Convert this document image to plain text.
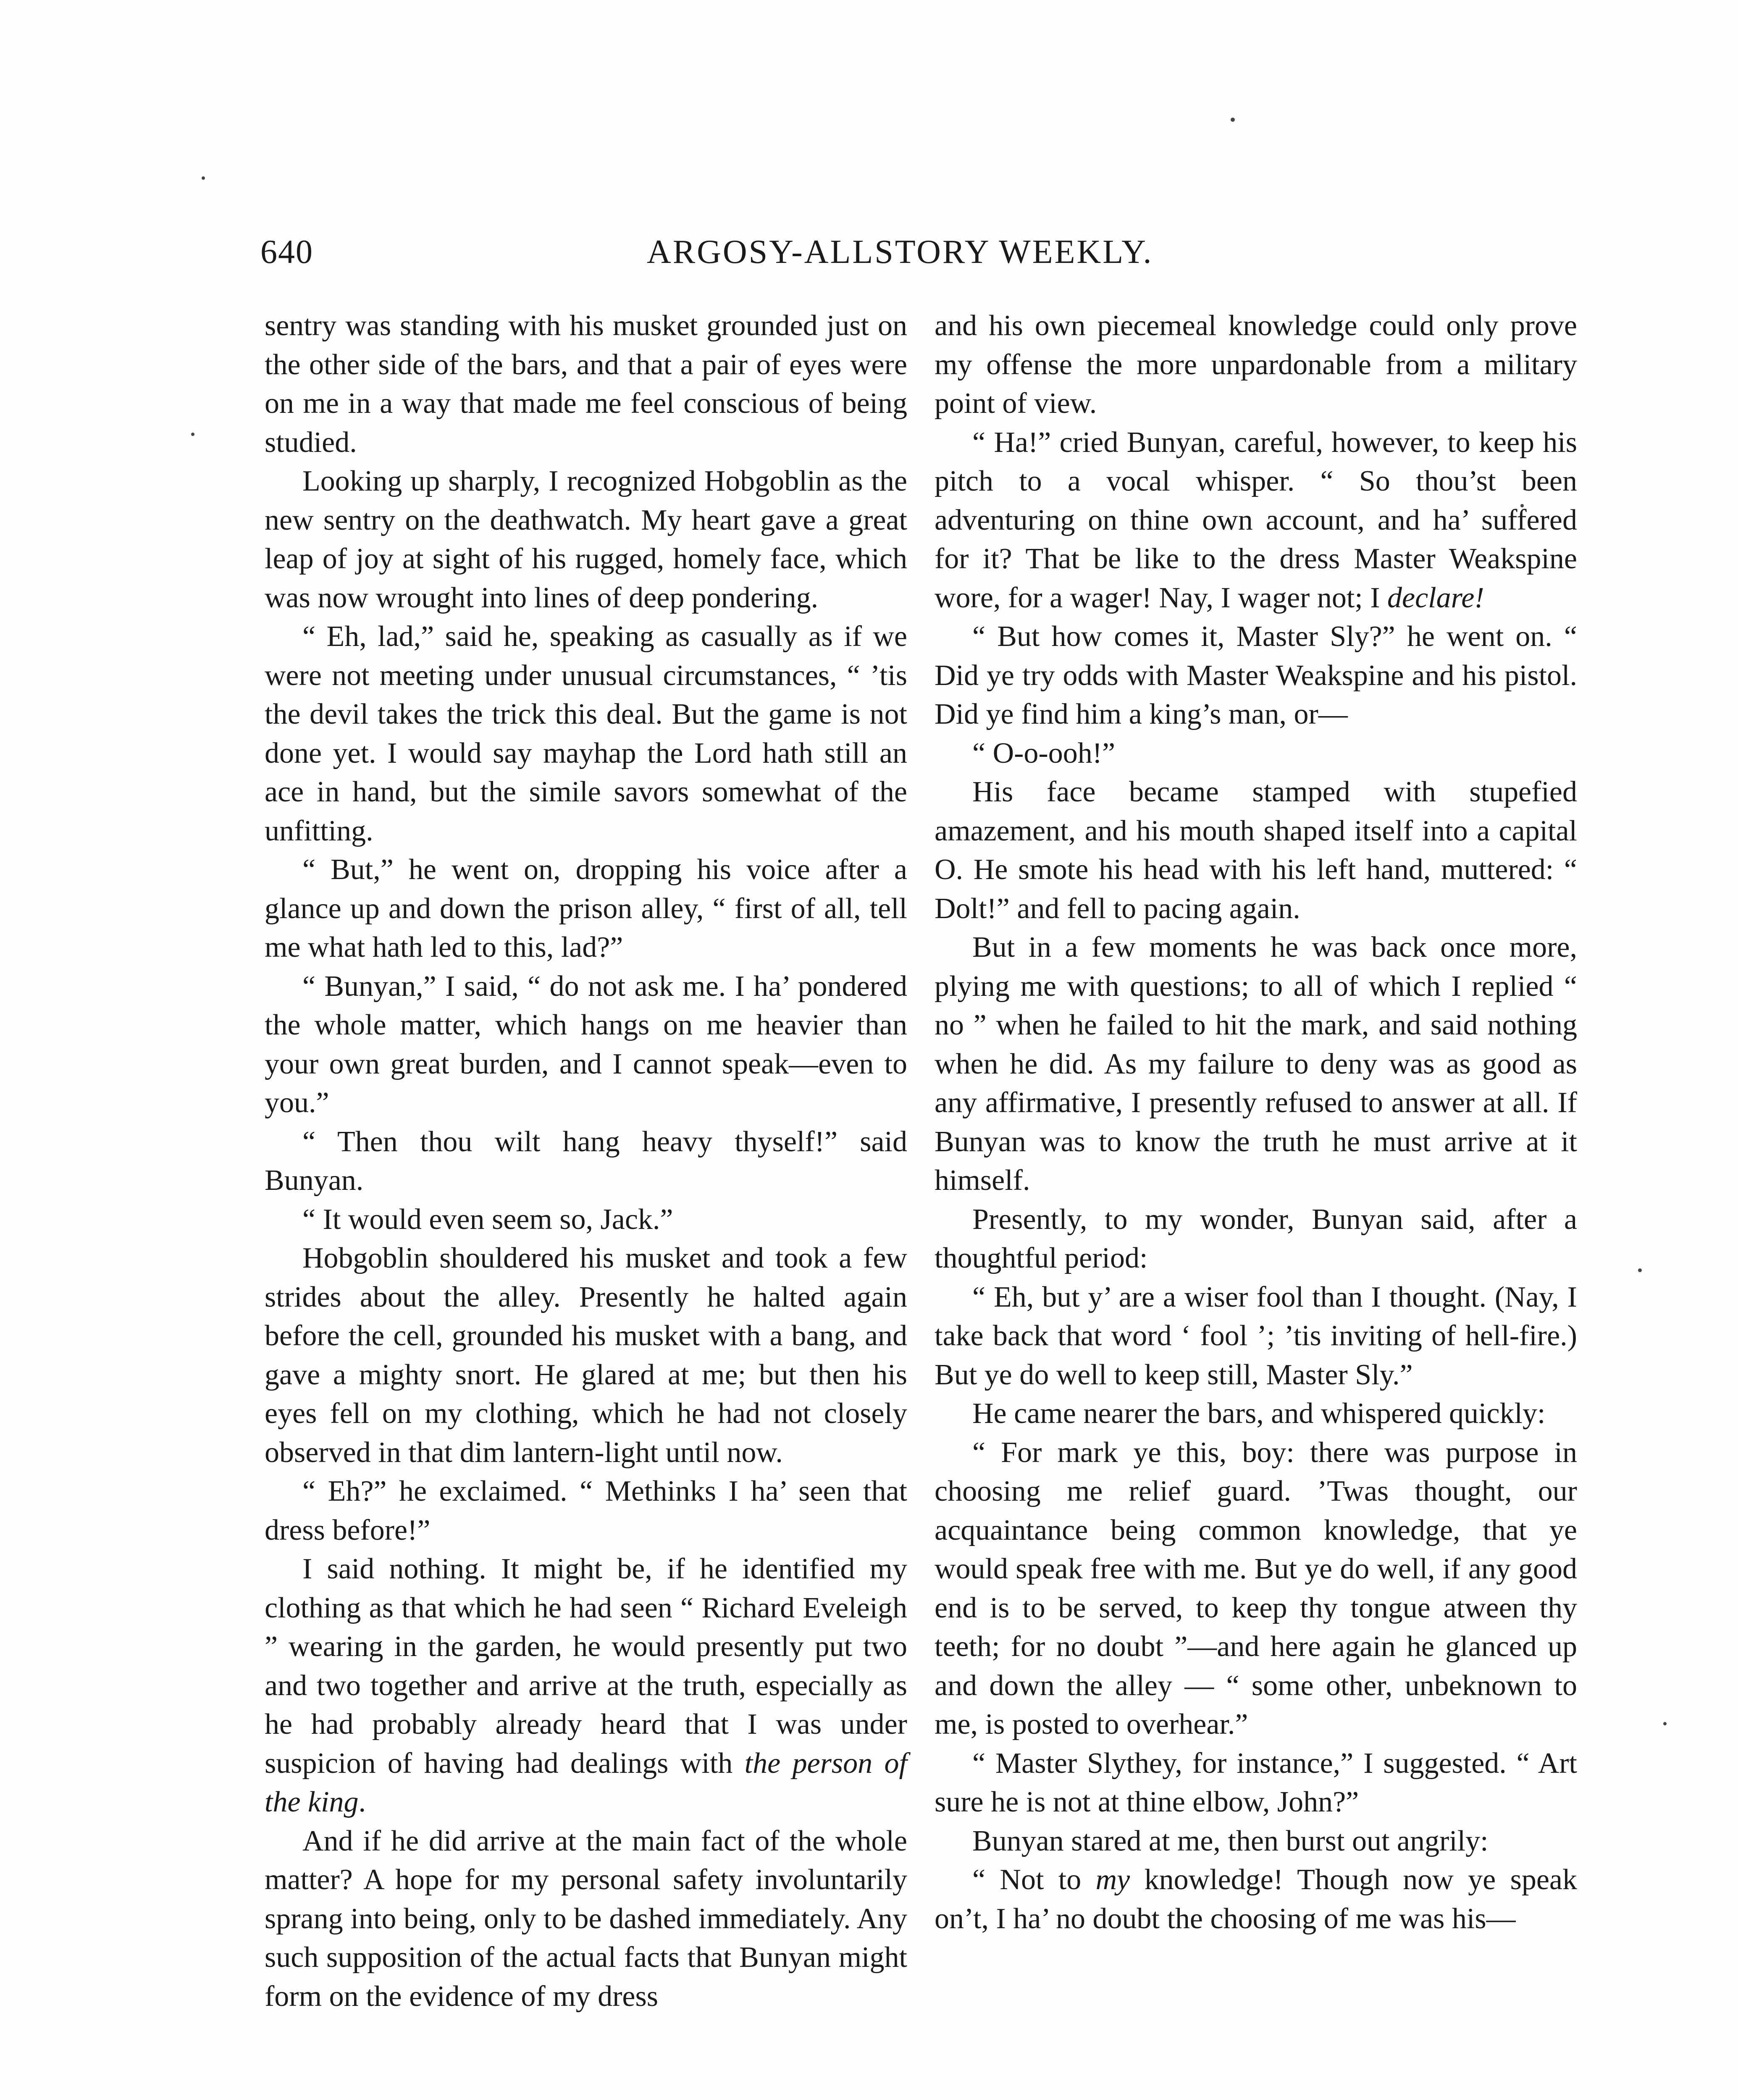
640	ARGOSY-ALLSTORY WEEKLY.

sentry was standing with his musket grounded just on the other side of the bars, and that a pair of eyes were on me in a way that made me feel conscious of being studied.

Looking up sharply, I recognized Hobgoblin as the new sentry on the deathwatch. My heart gave a great leap of joy at sight of his rugged, homely face, which was now wrought into lines of deep pondering.

“ Eh, lad,” said he, speaking as casually as if we were not meeting under unusual circumstances, “ ’tis the devil takes the trick this deal. But the game is not done yet. I would say mayhap the Lord hath still an ace in hand, but the simile savors somewhat of the unfitting.

“ But,” he went on, dropping his voice after a glance up and down the prison alley, “ first of all, tell me what hath led to this, lad?”

“ Bunyan,” I said, “ do not ask me. I ha’ pondered the whole matter, which hangs on me heavier than your own great burden, and I cannot speak—even to you.”

“ Then thou wilt hang heavy thyself!” said Bunyan.

“ It would even seem so, Jack.”

Hobgoblin shouldered his musket and took a few strides about the alley. Presently he halted again before the cell, grounded his musket with a bang, and gave a mighty snort. He glared at me; but then his eyes fell on my clothing, which he had not closely observed in that dim lantern-light until now.

“ Eh?” he exclaimed. “ Methinks I ha’ seen that dress before!”

I said nothing. It might be, if he identified my clothing as that which he had seen “ Richard Eveleigh ” wearing in the garden, he would presently put two and two together and arrive at the truth, especially as he had probably already heard that I was under suspicion of having had dealings with the person of the king.

And if he did arrive at the main fact of the whole matter? A hope for my personal safety involuntarily sprang into being, only to be dashed immediately. Any such supposition of the actual facts that Bunyan might form on the evidence of my dress

and his own piecemeal knowledge could only prove my offense the more unpardonable from a military point of view.

“ Ha!” cried Bunyan, careful, however, to keep his pitch to a vocal whisper. “ So thou’st been adventuring on thine own account, and ha’ suffered for it? That be like to the dress Master Weakspine wore, for a wager! Nay, I wager not; I declare!

“ But how comes it, Master Sly?” he went on. “ Did ye try odds with Master Weakspine and his pistol. Did ye find him a king’s man, or—

“ O-o-ooh!”

His face became stamped with stupefied amazement, and his mouth shaped itself into a capital O. He smote his head with his left hand, muttered: “ Dolt!” and fell to pacing again.

But in a few moments he was back once more, plying me with questions; to all of which I replied “ no ” when he failed to hit the mark, and said nothing when he did. As my failure to deny was as good as any affirmative, I presently refused to answer at all. If Bunyan was to know the truth he must arrive at it himself.

Presently, to my wonder, Bunyan said, after a thoughtful period:

“ Eh, but y’ are a wiser fool than I thought. (Nay, I take back that word ‘ fool ’; ’tis inviting of hell-fire.) But ye do well to keep still, Master Sly.”

He came nearer the bars, and whispered quickly:

“ For mark ye this, boy: there was purpose in choosing me relief guard. ’Twas thought, our acquaintance being common knowledge, that ye would speak free with me. But ye do well, if any good end is to be served, to keep thy tongue atween thy teeth; for no doubt ”—and here again he glanced up and down the alley — “ some other, unbeknown to me, is posted to overhear.”

“ Master Slythey, for instance,” I suggested. “ Art sure he is not at thine elbow, John?”

Bunyan stared at me, then burst out angrily:

“ Not to my knowledge! Though now ye speak on’t, I ha’ no doubt the choosing of me was his—
